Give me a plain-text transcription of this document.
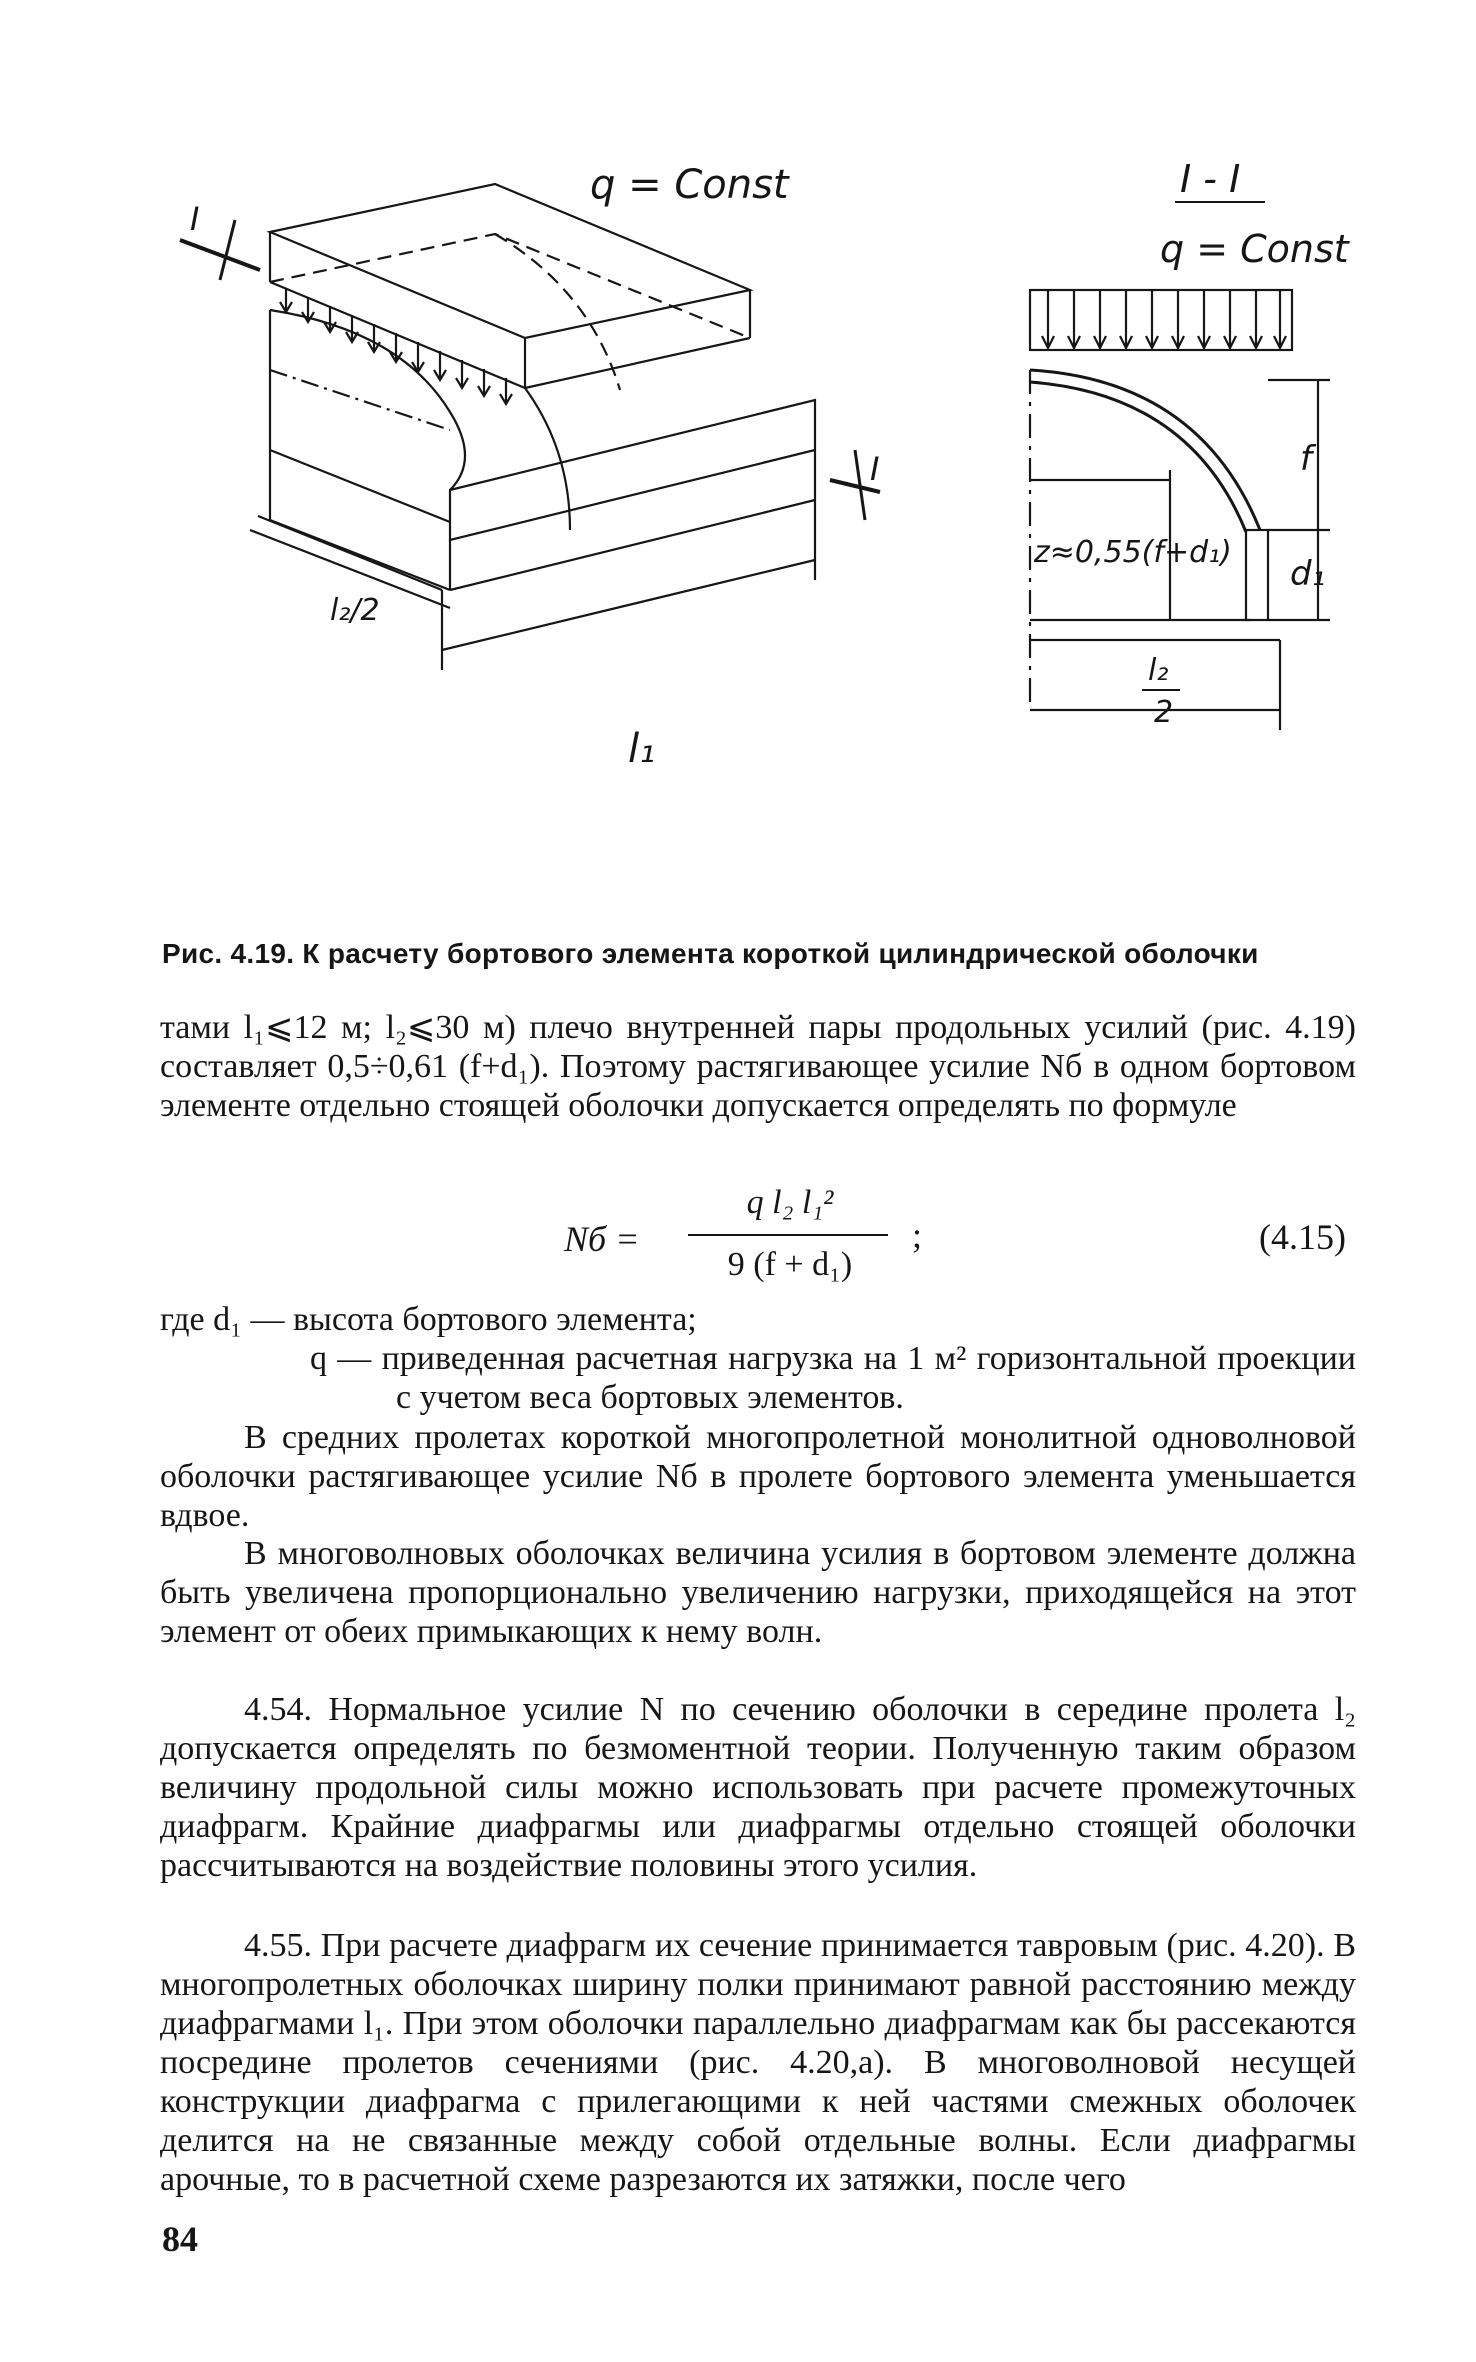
q = Const
I
I
l₁
l₂/2
I - I
q = Const
f
d₁
z≈0,55(f+d₁)
l₂
2
Рис. 4.19. К расчету бортового элемента короткой цилиндрической оболочки
тами l₁⩽12 м; l₂⩽30 м) плечо внутренней пары продольных усилий (рис. 4.19) составляет 0,5÷0,61 (f+d₁). Поэтому растягивающее усилие Nб в одном бортовом элементе отдельно стоящей оболочки допускается определять по формуле
Nб =
q l₂ l₁²
9 (f + d₁)
;	(4.15)
где d₁ — высота бортового элемента;
q — приведенная расчетная нагрузка на 1 м² горизонтальной проекции с учетом веса бортовых элементов.
В средних пролетах короткой многопролетной монолитной одноволновой оболочки растягивающее усилие Nб в пролете бортового элемента уменьшается вдвое.
В многоволновых оболочках величина усилия в бортовом элементе должна быть увеличена пропорционально увеличению нагрузки, приходящейся на этот элемент от обеих примыкающих к нему волн.
4.54. Нормальное усилие N по сечению оболочки в середине пролета l₂ допускается определять по безмоментной теории. Полученную таким образом величину продольной силы можно использовать при расчете промежуточных диафрагм. Крайние диафрагмы или диафрагмы отдельно стоящей оболочки рассчитываются на воздействие половины этого усилия.
4.55. При расчете диафрагм их сечение принимается тавровым (рис. 4.20). В многопролетных оболочках ширину полки принимают равной расстоянию между диафрагмами l₁. При этом оболочки параллельно диафрагмам как бы рассекаются посредине пролетов сечениями (рис. 4.20,а). В многоволновой несущей конструкции диафрагма с прилегающими к ней частями смежных оболочек делится на не связанные между собой отдельные волны. Если диафрагмы арочные, то в расчетной схеме разрезаются их затяжки, после чего
84
